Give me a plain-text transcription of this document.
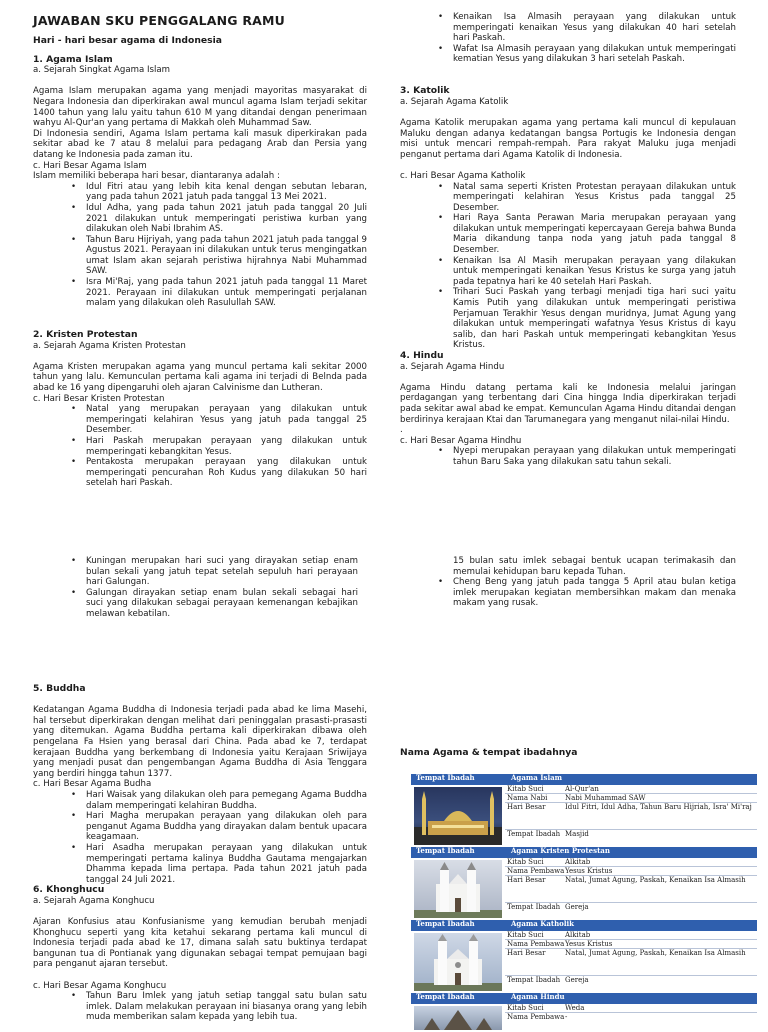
JAWABAN SKU PENGGALANG RAMU

Hari - hari besar agama di Indonesia

1. Agama Islam

a. Sejarah Singkat Agama Islam

Agama Islam merupakan agama yang menjadi mayoritas masyarakat di Negara Indonesia dan diperkirakan awal muncul agama Islam terjadi sekitar 1400 tahun yang lalu yaitu tahun 610 M yang ditandai dengan penerimaan wahyu Al-Qur'an yang pertama di Makkah oleh Muhammad Saw.

Di Indonesia sendiri, Agama Islam pertama kali masuk diperkirakan pada sekitar abad ke 7 atau 8 melalui para pedagang Arab dan Persia yang datang ke Indonesia pada zaman itu.

c. Hari Besar Agama Islam

Islam memiliki beberapa hari besar, diantaranya adalah :

• Idul Fitri atau yang lebih kita kenal dengan sebutan lebaran, yang pada tahun 2021 jatuh pada tanggal 13 Mei 2021.
• Idul Adha, yang pada tahun 2021 jatuh pada tanggal 20 Juli 2021 dilakukan untuk memperingati peristiwa kurban yang dilakukan oleh Nabi Ibrahim AS.
• Tahun Baru Hijriyah, yang pada tahun 2021 jatuh pada tanggal 9 Agustus 2021. Perayaan ini dilakukan untuk terus mengingatkan umat Islam akan sejarah peristiwa hijrahnya Nabi Muhammad SAW.
• Isra Mi'Raj, yang pada tahun 2021 jatuh pada tanggal 11 Maret 2021. Perayaan ini dilakukan untuk memperingati perjalanan malam yang dilakukan oleh Rasulullah SAW.

2. Kristen Protestan

a. Sejarah Agama Kristen Protestan

Agama Kristen merupakan agama yang muncul pertama kali sekitar 2000 tahun yang lalu. Kemunculan pertama kali agama ini terjadi di Belnda pada abad ke 16 yang dipengaruhi oleh ajaran Calvinisme dan Lutheran.

c. Hari Besar Kristen Protestan

• Natal yang merupakan perayaan yang dilakukan untuk memperingati kelahiran Yesus yang jatuh pada tanggal 25 Desember.
• Hari Paskah merupakan perayaan yang dilakukan untuk memperingati kebangkitan Yesus.
• Pentakosta merupakan perayaan yang dilakukan untuk memperingati pencurahan Roh Kudus yang dilakukan 50 hari setelah hari Paskah.
• Kenaikan Isa Almasih perayaan yang dilakukan untuk memperingati kenaikan Yesus yang dilakukan 40 hari setelah hari Paskah.
• Wafat Isa Almasih perayaan yang dilakukan untuk memperingati kematian Yesus yang dilakukan 3 hari setelah Paskah.

3. Katolik

a. Sejarah Agama Katolik

Agama Katolik merupakan agama yang pertama kali muncul di kepulauan Maluku dengan adanya kedatangan bangsa Portugis ke Indonesia dengan misi untuk mencari rempah-rempah. Para rakyat Maluku juga menjadi penganut pertama dari Agama Katolik di Indonesia.

c. Hari Besar Agama Katholik

• Natal sama seperti Kristen Protestan perayaan dilakukan untuk memperingati kelahiran Yesus Kristus pada tanggal 25 Desember.
• Hari Raya Santa Perawan Maria merupakan perayaan yang dilakukan untuk memperingati kepercayaan Gereja bahwa Bunda Maria dikandung tanpa noda yang jatuh pada tanggal 8 Desember.
• Kenaikan Isa Al Masih merupakan perayaan yang dilakukan untuk memperingati kenaikan Yesus Kristus ke surga yang jatuh pada tepatnya hari ke 40 setelah Hari Paskah.
• Trihari Suci Paskah yang terbagi menjadi tiga hari suci yaitu Kamis Putih yang dilakukan untuk memperingati peristiwa Perjamuan Terakhir Yesus dengan muridnya, Jumat Agung yang dilakukan untuk memperingati wafatnya Yesus Kristus di kayu salib, dan hari Paskah untuk memperingati kebangkitan Yesus Kristus.

4. Hindu

a. Sejarah Agama Hindu

Agama Hindu datang pertama kali ke Indonesia melalui jaringan perdagangan yang terbentang dari Cina hingga India diperkirakan terjadi pada sekitar awal abad ke empat. Kemunculan Agama Hindu ditandai dengan berdirinya kerajaan Ktai dan Tarumanegara yang menganut nilai-nilai Hindu.

.

c. Hari Besar Agama Hindhu

• Nyepi merupakan perayaan yang dilakukan untuk memperingati tahun Baru Saka yang dilakukan satu tahun sekali.
• Kuningan merupakan hari suci yang dirayakan setiap enam bulan sekali yang jatuh tepat setelah sepuluh hari perayaan hari Galungan.
• Galungan dirayakan setiap enam bulan sekali sebagai hari suci yang dilakukan sebagai perayaan kemenangan kebajikan melawan kebatilan.

15 bulan satu imlek sebagai bentuk ucapan terimakasih dan memulai kehidupan baru kepada Tuhan.

• Cheng Beng yang jatuh pada tangga 5 April atau bulan ketiga imlek merupakan kegiatan membersihkan makam dan menaka makam yang rusak.

5. Buddha

Kedatangan Agama Buddha di Indonesia terjadi pada abad ke lima Masehi, hal tersebut diperkirakan dengan melihat dari peninggalan prasasti-prasasti yang ditemukan. Agama Buddha pertama kali diperkirakan dibawa oleh pengelana Fa Hsien yang berasal dari China. Pada abad ke 7, terdapat kerajaan Buddha yang berkembang di Indonesia yaitu Kerajaan Sriwijaya yang menjadi pusat dan pengembangan Agama Buddha di Asia Tenggara yang berdiri hingga tahun 1377.

c. Hari Besar Agama Budha

• Hari Waisak yang dilakukan oleh para pemegang Agama Buddha dalam memperingati kelahiran Buddha.
• Hari Magha merupakan perayaan yang dilakukan oleh para penganut Agama Buddha yang dirayakan dalam bentuk upacara keagamaan.
• Hari Asadha merupakan perayaan yang dilakukan untuk memperingati pertama kalinya Buddha Gautama mengajarkan Dhamma kepada lima pertapa. Pada tahun 2021 jatuh pada tanggal 24 Juli 2021.

6. Khonghucu

a. Sejarah Agama Konghucu

Ajaran Konfusius atau Konfusianisme yang kemudian berubah menjadi Khonghucu seperti yang kita ketahui sekarang pertama kali muncul di Indonesia terjadi pada abad ke 17, dimana salah satu buktinya terdapat bangunan tua di Pontianak yang digunakan sebagai tempat pemujaan bagi para penganut ajaran tersebut.

c. Hari Besar Agama Konghucu

• Tahun Baru Imlek yang jatuh setiap tanggal satu bulan satu imlek. Dalam melakukan perayaan ini biasanya orang yang lebih muda memberikan salam kepada yang lebih tua.

Nama Agama & tempat ibadahnya

Tempat Ibadah	Agama Islam
Kitab Suci	Al-Qur'an
Nama Nabi	Nabi Muhammad SAW
Hari Besar	Idul Fitri, Idul Adha, Tahun Baru Hijriah, Isra' Mi'raj
Tempat Ibadah Masjid
Tempat Ibadah	Agama Kristen Protestan
Kitab Suci	Alkitab
Nama Pembawa Yesus Kristus
Hari Besar	Natal, Jumat Agung, Paskah, Kenaikan Isa Almasih
Tempat Ibadah Gereja
Tempat Ibadah	Agama Katholik
Kitab Suci	Alkitab
Nama Pembawa Yesus Kristus
Hari Besar	Natal, Jumat Agung, Paskah, Kenaikan Isa Almasih
Tempat Ibadah Gereja
Tempat Ibadah	Agama Hindu
Kitab Suci	Weda
Nama Pembawa -
